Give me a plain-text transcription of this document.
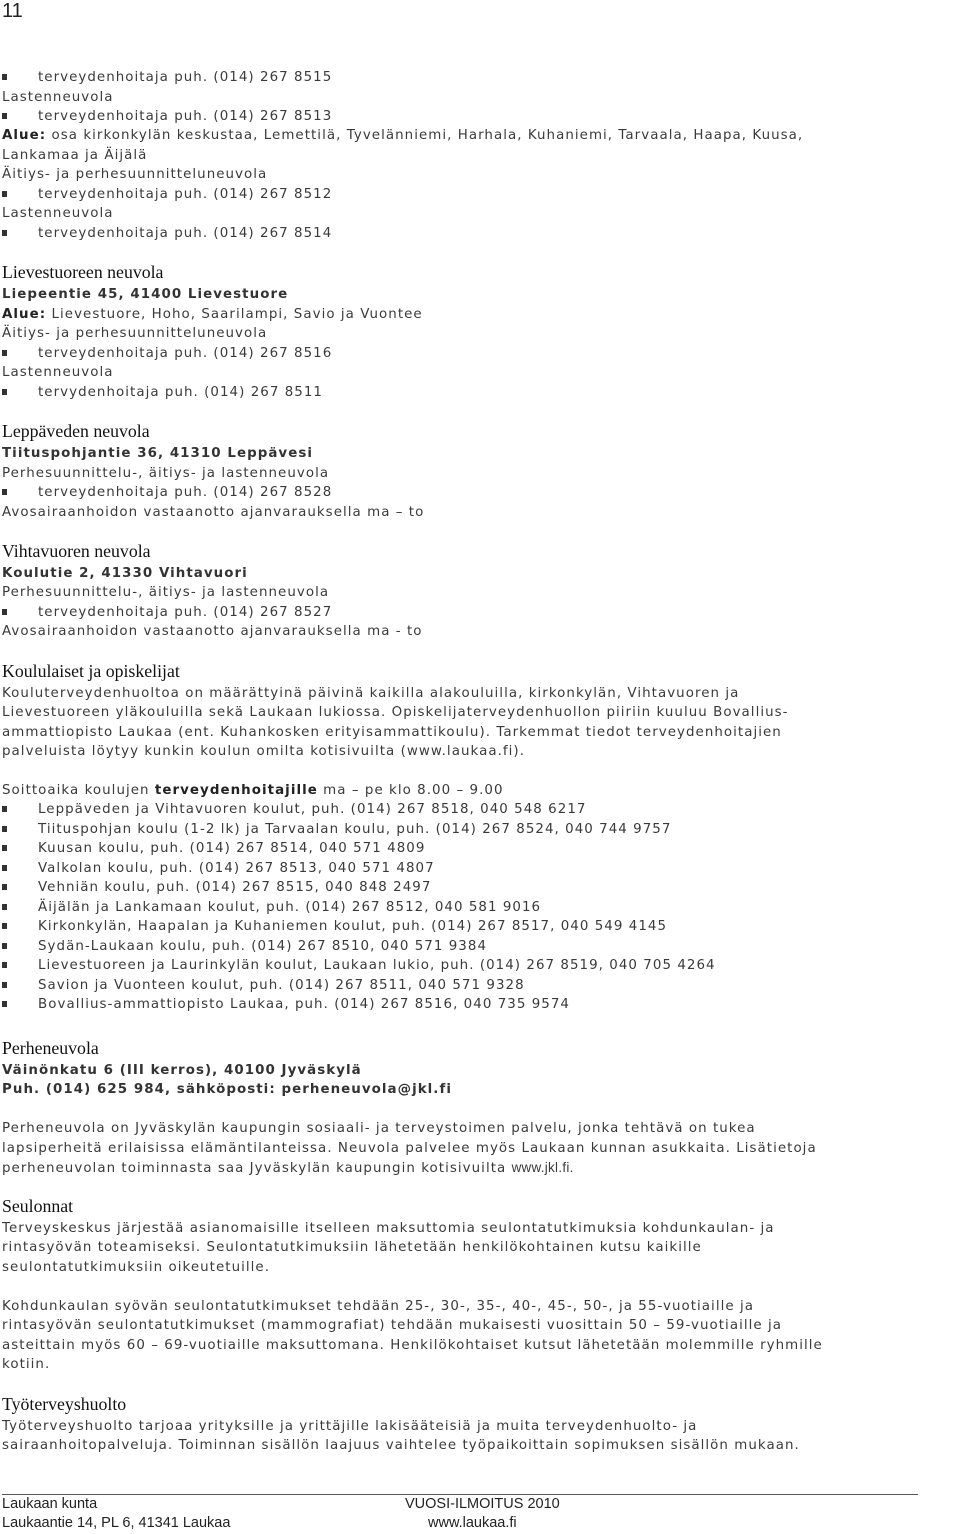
11
terveydenhoitaja puh. (014) 267 8515
Lastenneuvola
terveydenhoitaja puh. (014) 267 8513
Alue: osa kirkonkylän keskustaa, Lemettilä, Tyvelänniemi, Harhala, Kuhaniemi, Tarvaala, Haapa, Kuusa,
Lankamaa ja Äijälä
Äitiys- ja perhesuunnitteluneuvola
terveydenhoitaja puh. (014) 267 8512
Lastenneuvola
terveydenhoitaja puh. (014) 267 8514
Lievestuoreen neuvola
Liepeentie 45, 41400 Lievestuore
Alue: Lievestuore, Hoho, Saarilampi, Savio ja Vuontee
Äitiys- ja perhesuunnitteluneuvola
terveydenhoitaja puh. (014) 267 8516
Lastenneuvola
tervydenhoitaja puh. (014) 267 8511
Leppäveden neuvola
Tiituspohjantie 36, 41310 Leppävesi
Perhesuunnittelu-, äitiys- ja lastenneuvola
terveydenhoitaja puh. (014) 267 8528
Avosairaanhoidon vastaanotto ajanvarauksella ma – to
Vihtavuoren neuvola
Koulutie 2, 41330 Vihtavuori
Perhesuunnittelu-, äitiys- ja lastenneuvola
terveydenhoitaja puh. (014) 267 8527
Avosairaanhoidon vastaanotto ajanvarauksella ma - to
Koululaiset ja opiskelijat
Kouluterveydenhuoltoa on määrättyinä päivinä kaikilla alakouluilla, kirkonkylän, Vihtavuoren ja
Lievestuoreen yläkouluilla sekä Laukaan lukiossa. Opiskelijaterveydenhuollon piiriin kuuluu Bovallius-
ammattiopisto Laukaa (ent. Kuhankosken erityisammattikoulu). Tarkemmat tiedot terveydenhoitajien
palveluista löytyy kunkin koulun omilta kotisivuilta (www.laukaa.fi).
Soittoaika koulujen terveydenhoitajille ma – pe klo 8.00 – 9.00
Leppäveden ja Vihtavuoren koulut, puh. (014) 267 8518, 040 548 6217
Tiituspohjan koulu (1-2 lk) ja Tarvaalan koulu, puh. (014) 267 8524, 040 744 9757
Kuusan koulu, puh. (014) 267 8514, 040 571 4809
Valkolan koulu, puh. (014) 267 8513, 040 571 4807
Vehniän koulu, puh. (014) 267 8515, 040 848 2497
Äijälän ja Lankamaan koulut, puh. (014) 267 8512, 040 581 9016
Kirkonkylän, Haapalan ja Kuhaniemen koulut, puh. (014) 267 8517, 040 549 4145
Sydän-Laukaan koulu, puh. (014) 267 8510, 040 571 9384
Lievestuoreen ja Laurinkylän koulut, Laukaan lukio, puh. (014) 267 8519, 040 705 4264
Savion ja Vuonteen koulut, puh. (014) 267 8511, 040 571 9328
Bovallius-ammattiopisto Laukaa, puh. (014) 267 8516, 040 735 9574
Perheneuvola
Väinönkatu 6 (III kerros), 40100 Jyväskylä
Puh. (014) 625 984, sähköposti: perheneuvola@jkl.fi
Perheneuvola on Jyväskylän kaupungin sosiaali- ja terveystoimen palvelu, jonka tehtävä on tukea
lapsiperheitä erilaisissa elämäntilanteissa. Neuvola palvelee myös Laukaan kunnan asukkaita. Lisätietoja
perheneuvolan toiminnasta saa Jyväskylän kaupungin kotisivuilta www.jkl.fi.
Seulonnat
Terveyskeskus järjestää asianomaisille itselleen maksuttomia seulontatutkimuksia kohdunkaulan- ja
rintasyövän toteamiseksi. Seulontatutkimuksiin lähetetään henkilökohtainen kutsu kaikille
seulontatutkimuksiin oikeutetuille.
Kohdunkaulan syövän seulontatutkimukset tehdään 25-, 30-, 35-, 40-, 45-, 50-, ja 55-vuotiaille ja
rintasyövän seulontatutkimukset (mammografiat) tehdään mukaisesti vuosittain 50 – 59-vuotiaille ja
asteittain myös 60 – 69-vuotiaille maksuttomana. Henkilökohtaiset kutsut lähetetään molemmille ryhmille
kotiin.
Työterveyshuolto
Työterveyshuolto tarjoaa yrityksille ja yrittäjille lakisääteisiä ja muita terveydenhuolto- ja
sairaanhoitopalveluja. Toiminnan sisällön laajuus vaihtelee työpaikoittain sopimuksen sisällön mukaan.
Laukaan kunta
Laukaantie 14, PL 6, 41341 Laukaa
VUOSI-ILMOITUS 2010
www.laukaa.fi
